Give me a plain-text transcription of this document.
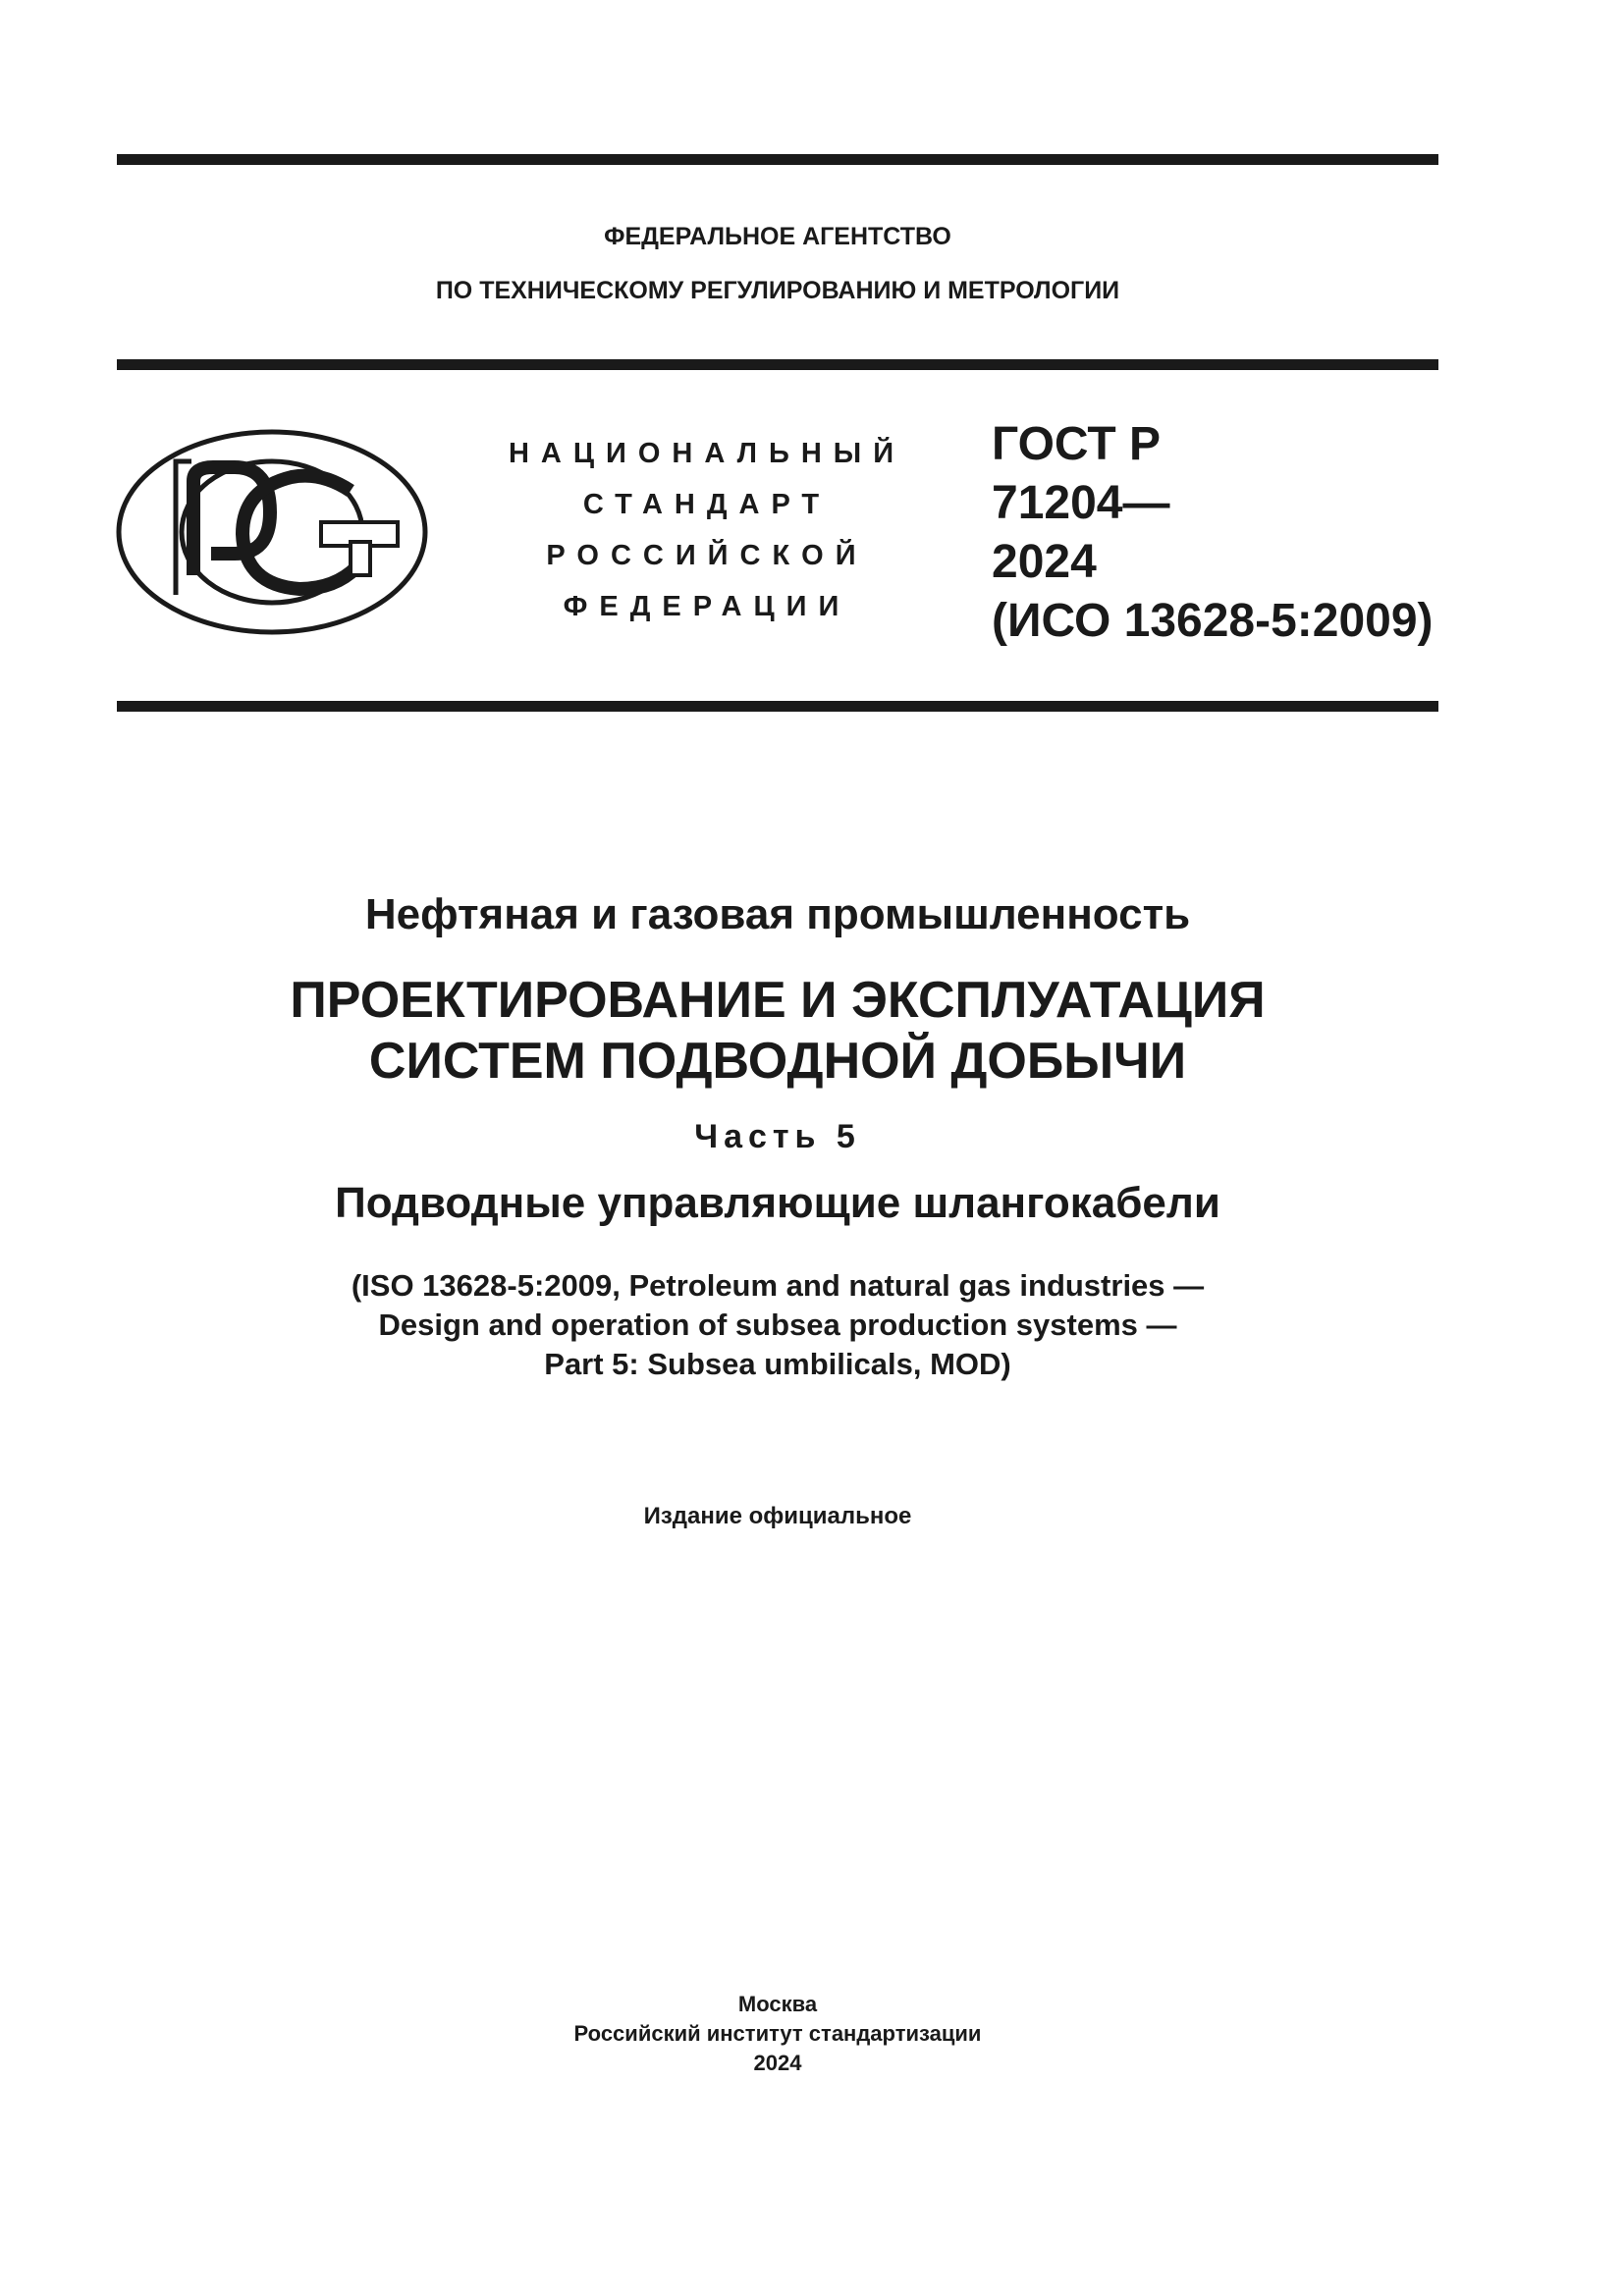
ФЕДЕРАЛЬНОЕ АГЕНТСТВО
ПО ТЕХНИЧЕСКОМУ РЕГУЛИРОВАНИЮ И МЕТРОЛОГИИ
НАЦИОНАЛЬНЫЙ
СТАНДАРТ
РОССИЙСКОЙ
ФЕДЕРАЦИИ
ГОСТ Р
71204—
2024
(ИСО 13628-5:2009)
Нефтяная и газовая промышленность
ПРОЕКТИРОВАНИЕ И ЭКСПЛУАТАЦИЯ
СИСТЕМ ПОДВОДНОЙ ДОБЫЧИ
Часть 5
Подводные управляющие шлангокабели
(ISO 13628-5:2009, Petroleum and natural gas industries —
Design and operation of subsea production systems —
Part 5: Subsea umbilicals, MOD)
Издание официальное
Москва
Российский институт стандартизации
2024
